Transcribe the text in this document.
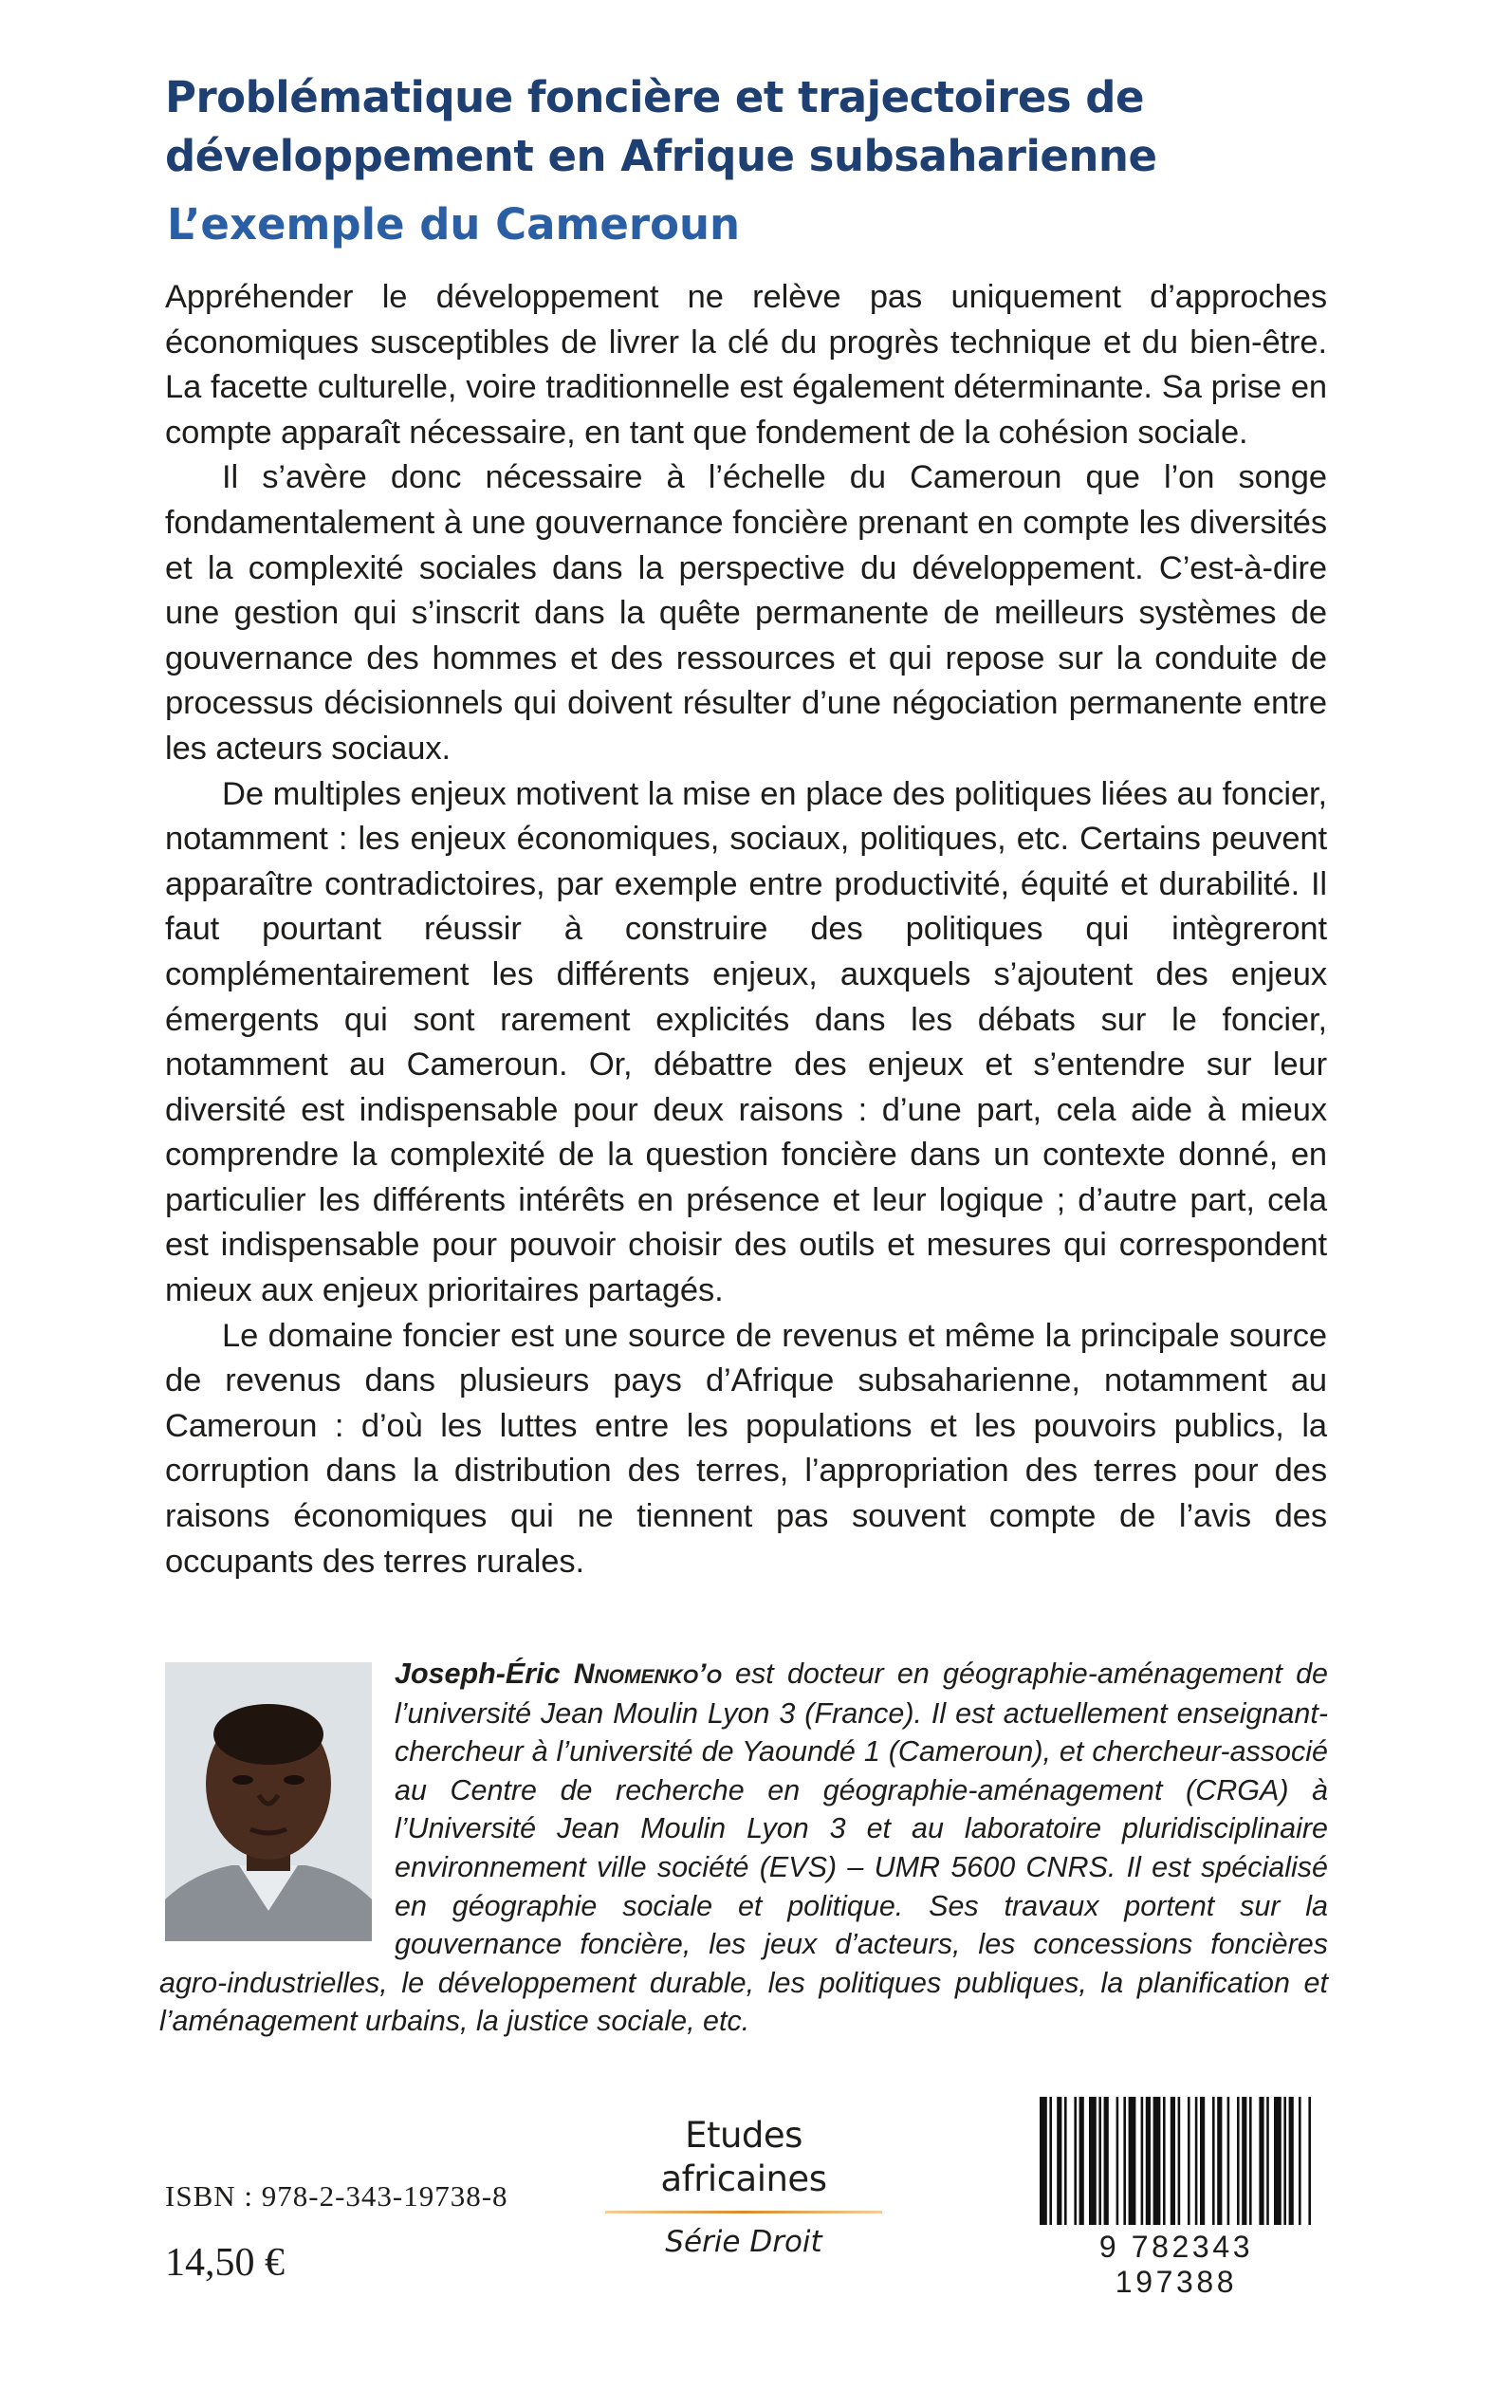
Problématique foncière et trajectoires de développement en Afrique subsaharienne
L’exemple du Cameroun

Appréhender le développement ne relève pas uniquement d’approches économiques susceptibles de livrer la clé du progrès technique et du bien-être. La facette culturelle, voire traditionnelle est également déterminante. Sa prise en compte apparaît nécessaire, en tant que fondement de la cohésion sociale.

Il s’avère donc nécessaire à l’échelle du Cameroun que l’on songe fondamentalement à une gouvernance foncière prenant en compte les diversités et la complexité sociales dans la perspective du développement. C’est-à-dire une gestion qui s’inscrit dans la quête permanente de meilleurs systèmes de gouvernance des hommes et des ressources et qui repose sur la conduite de processus décisionnels qui doivent résulter d’une négociation permanente entre les acteurs sociaux.

De multiples enjeux motivent la mise en place des politiques liées au foncier, notamment : les enjeux économiques, sociaux, politiques, etc. Certains peuvent apparaître contradictoires, par exemple entre productivité, équité et durabilité. Il faut pourtant réussir à construire des politiques qui intègreront complémentairement les différents enjeux, auxquels s’ajoutent des enjeux émergents qui sont rarement explicités dans les débats sur le foncier, notamment au Cameroun. Or, débattre des enjeux et s’entendre sur leur diversité est indispensable pour deux raisons : d’une part, cela aide à mieux comprendre la complexité de la question foncière dans un contexte donné, en particulier les différents intérêts en présence et leur logique ; d’autre part, cela est indispensable pour pouvoir choisir des outils et mesures qui correspondent mieux aux enjeux prioritaires partagés.

Le domaine foncier est une source de revenus et même la principale source de revenus dans plusieurs pays d’Afrique subsaharienne, notamment au Cameroun : d’où les luttes entre les populations et les pouvoirs publics, la corruption dans la distribution des terres, l’appropriation des terres pour des raisons économiques qui ne tiennent pas souvent compte de l’avis des occupants des terres rurales.

Joseph-Éric Nnomenko’o est docteur en géographie-aménagement de l’université Jean Moulin Lyon 3 (France). Il est actuellement enseignant-chercheur à l’université de Yaoundé 1 (Cameroun), et chercheur-associé au Centre de recherche en géographie-aménagement (CRGA) à l’Université Jean Moulin Lyon 3 et au laboratoire pluridisciplinaire environnement ville société (EVS) – UMR 5600 CNRS. Il est spécialisé en géographie sociale et politique. Ses travaux portent sur la gouvernance foncière, les jeux d’acteurs, les concessions foncières agro-industrielles, le développement durable, les politiques publiques, la planification et l’aménagement urbains, la justice sociale, etc.
Etudes africaines
Série Droit
ISBN : 978-2-343-19738-8
14,50 €	9 782343 197388
